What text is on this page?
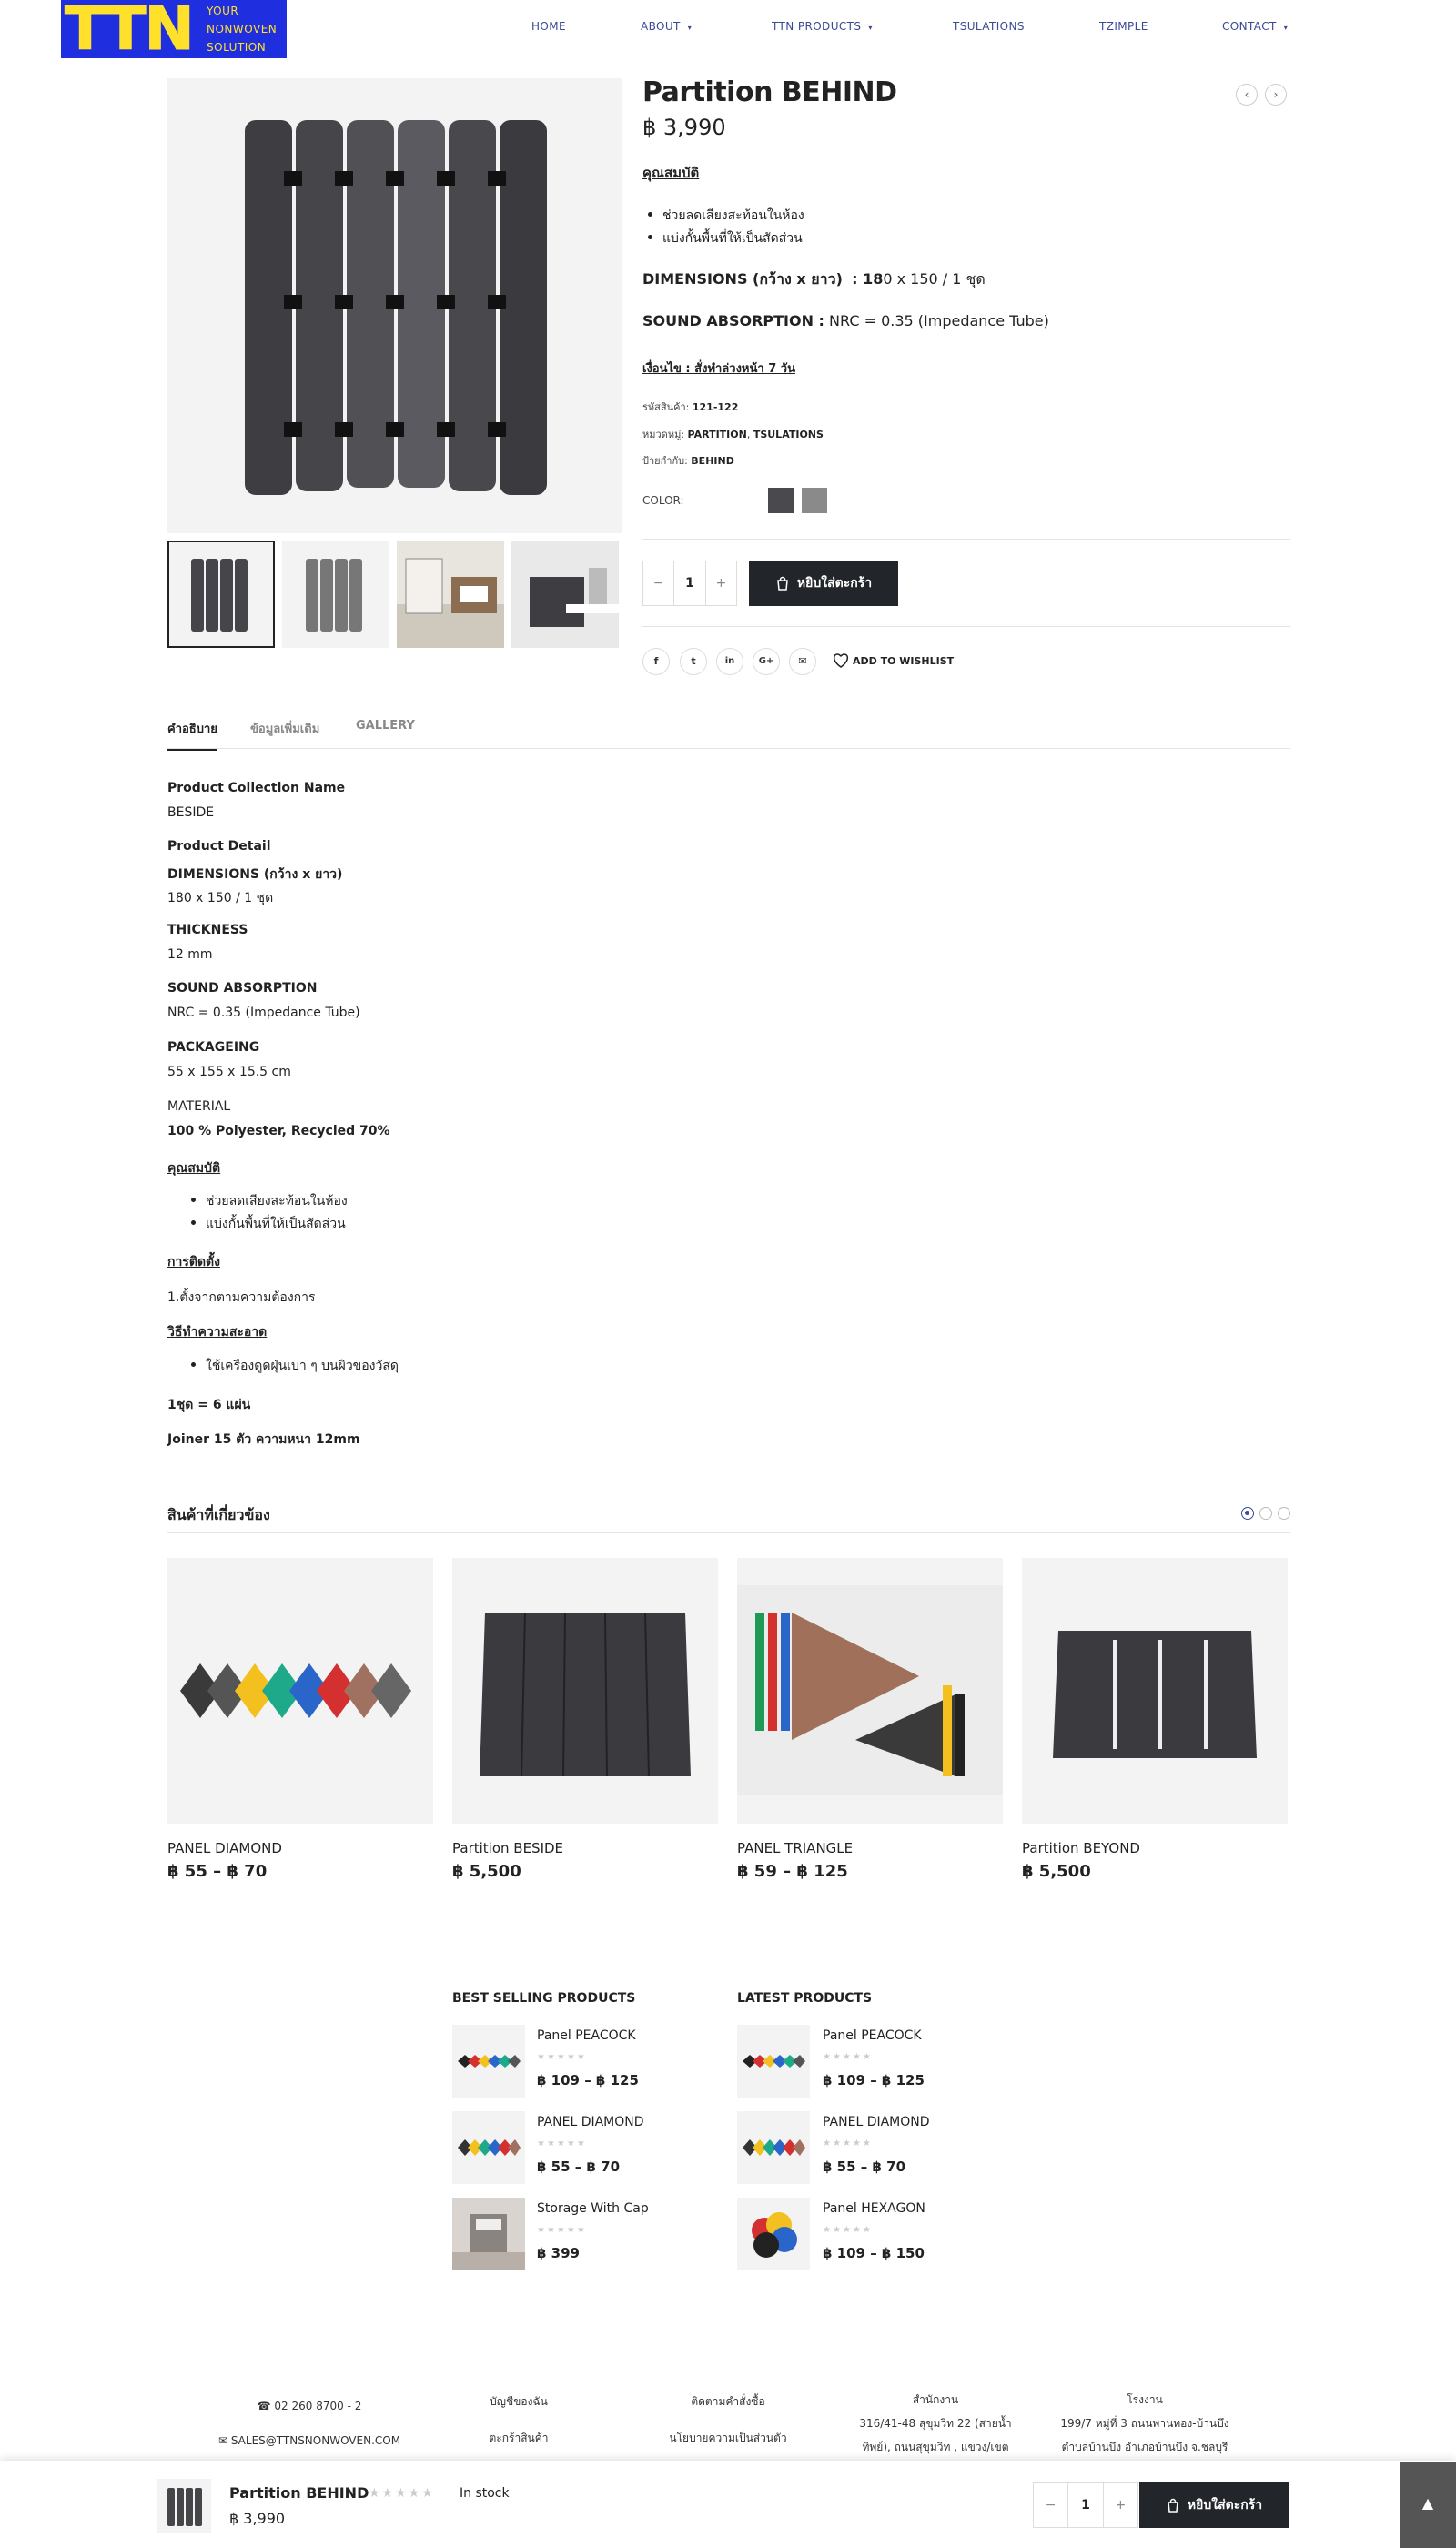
TTN	YOUR
NONWOVEN
SOLUTION
HOME	ABOUT ▾	TTN PRODUCTS ▾	TSULATIONS	TZIMPLE	CONTACT ▾
Partition BEHIND	‹	›
฿ 3,990
คุณสมบัติ
ช่วยลดเสียงสะท้อนในห้อง
แบ่งกั้นพื้นที่ให้เป็นสัดส่วน
DIMENSIONS (กว้าง x ยาว) : 180 x 150 / 1 ชุด
SOUND ABSORPTION : NRC = 0.35 (Impedance Tube)
เงื่อนไข : สั่งทำล่วงหน้า 7 วัน
รหัสสินค้า: 121-122
หมวดหมู่: PARTITION, TSULATIONS
ป้ายกำกับ: BEHIND
COLOR:
−	1	+	หยิบใส่ตะกร้า
f	t	in	G+	✉	ADD TO WISHLIST
คำอธิบาย	ข้อมูลเพิ่มเติม	GALLERY
Product Collection Name
BESIDE
Product Detail
DIMENSIONS (กว้าง x ยาว)
180 x 150 / 1 ชุด
THICKNESS
12 mm
SOUND ABSORPTION
NRC = 0.35 (Impedance Tube)
PACKAGEING
55 x 155 x 15.5 cm
MATERIAL
100 % Polyester, Recycled 70%
คุณสมบัติ
ช่วยลดเสียงสะท้อนในห้อง
แบ่งกั้นพื้นที่ให้เป็นสัดส่วน
การติดตั้ง
1.ตั้งจากตามความต้องการ
วิธีทำความสะอาด
ใช้เครื่องดูดฝุ่นเบา ๆ บนผิวของวัสดุ
1ชุด = 6 แผ่น
Joiner 15 ตัว ความหนา 12mm
สินค้าที่เกี่ยวข้อง
PANEL DIAMOND
฿ 55 – ฿ 70
Partition BESIDE
฿ 5,500
PANEL TRIANGLE
฿ 59 – ฿ 125
Partition BEYOND
฿ 5,500
BEST SELLING PRODUCTS	LATEST PRODUCTS
Panel PEACOCK
★★★★★
฿ 109 – ฿ 125
PANEL DIAMOND
★★★★★
฿ 55 – ฿ 70
Storage With Cap
★★★★★
฿ 399
Panel PEACOCK
★★★★★
฿ 109 – ฿ 125
PANEL DIAMOND
★★★★★
฿ 55 – ฿ 70
Panel HEXAGON
★★★★★
฿ 109 – ฿ 150
☎ 02 260 8700 - 2
✉ SALES@TTNSNONWOVEN.COM
บัญชีของฉัน
ตะกร้าสินค้า
ติดตามคำสั่งซื้อ
นโยบายความเป็นส่วนตัว
สำนักงาน
316/41-48 สุขุมวิท 22 (สายน้ำ
ทิพย์), ถนนสุขุมวิท , แขวง/เขต
โรงงาน
199/7 หมู่ที่ 3 ถนนพานทอง-บ้านบึง
ตำบลบ้านบึง อำเภอบ้านบึง จ.ชลบุรี
Partition BEHIND ★★★★★ In stock
฿ 3,990
−	1	+	หยิบใส่ตะกร้า	▲
